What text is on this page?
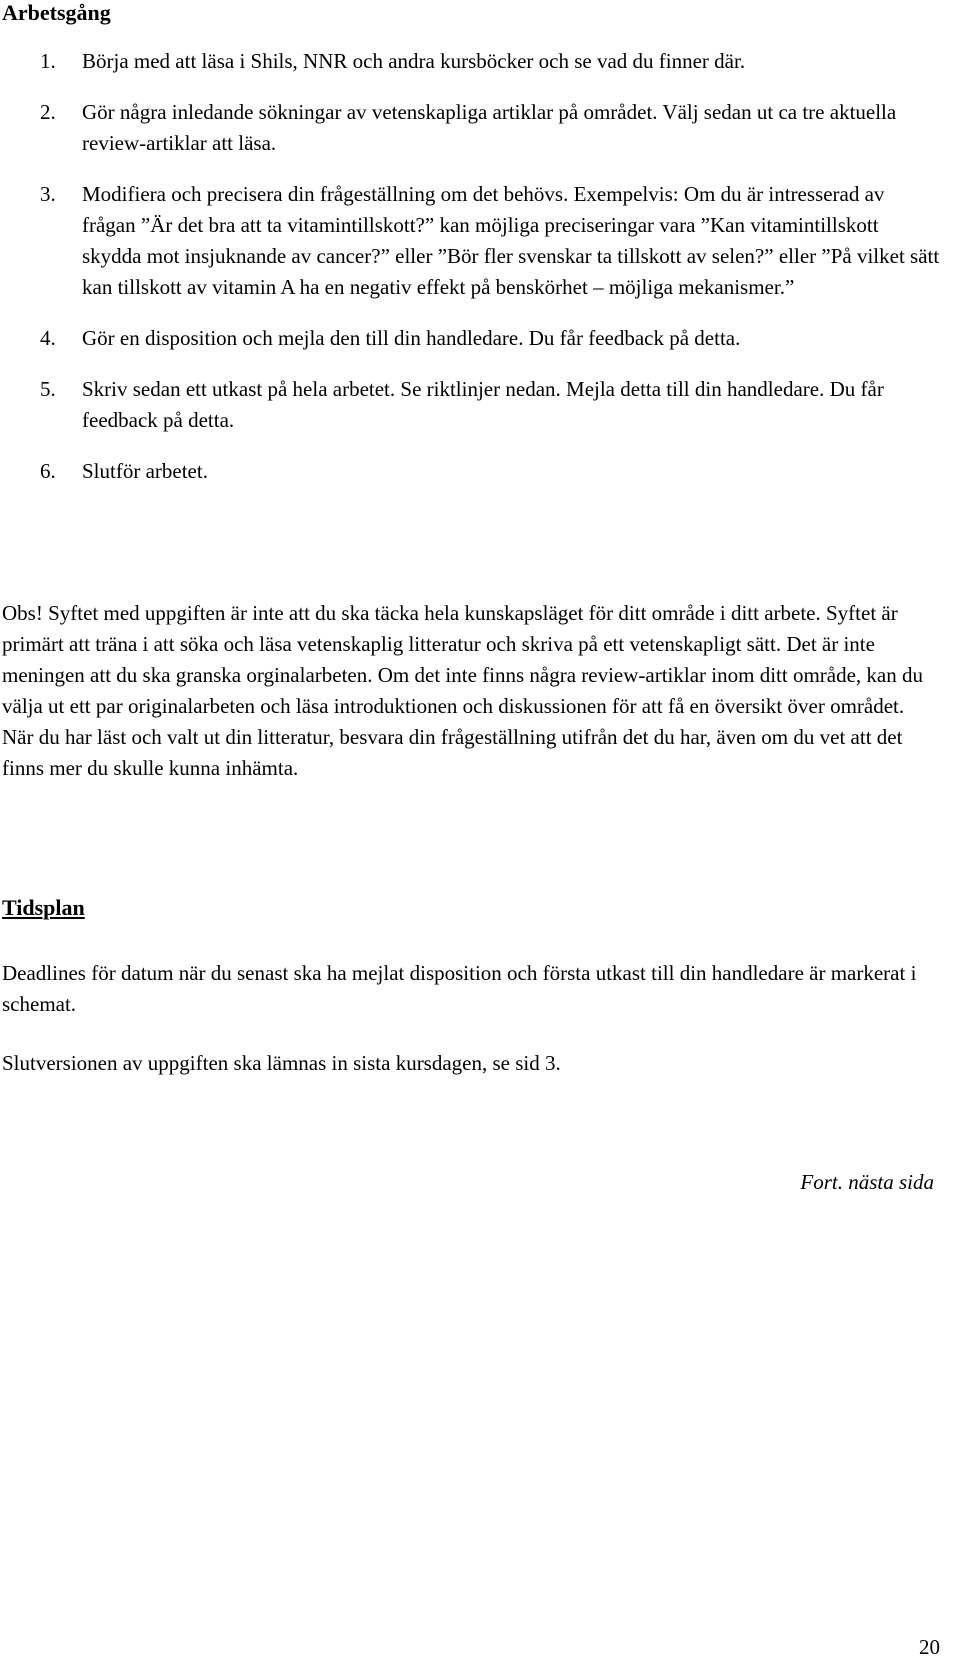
Arbetsgång
1.	Börja med att läsa i Shils, NNR och andra kursböcker och se vad du finner där.
2.	Gör några inledande sökningar av vetenskapliga artiklar på området. Välj sedan ut ca tre aktuella review-artiklar att läsa.
3.	Modifiera och precisera din frågeställning om det behövs. Exempelvis: Om du är intresserad av frågan ”Är det bra att ta vitamintillskott?” kan möjliga preciseringar vara ”Kan vitamintillskott skydda mot insjuknande av cancer?” eller ”Bör fler svenskar ta tillskott av selen?” eller ”På vilket sätt kan tillskott av vitamin A ha en negativ effekt på benskörhet – möjliga mekanismer.”
4.	Gör en disposition och mejla den till din handledare. Du får feedback på detta.
5.	Skriv sedan ett utkast på hela arbetet. Se riktlinjer nedan. Mejla detta till din handledare. Du får feedback på detta.
6.	Slutför arbetet.

Obs! Syftet med uppgiften är inte att du ska täcka hela kunskapsläget för ditt område i ditt arbete. Syftet är primärt att träna i att söka och läsa vetenskaplig litteratur och skriva på ett vetenskapligt sätt. Det är inte meningen att du ska granska orginalarbeten. Om det inte finns några review-artiklar inom ditt område, kan du välja ut ett par originalarbeten och läsa introduktionen och diskussionen för att få en översikt över området. När du har läst och valt ut din litteratur, besvara din frågeställning utifrån det du har, även om du vet att det finns mer du skulle kunna inhämta.

Tidsplan

Deadlines för datum när du senast ska ha mejlat disposition och första utkast till din handledare är markerat i schemat.

Slutversionen av uppgiften ska lämnas in sista kursdagen, se sid 3.

Fort. nästa sida

20
